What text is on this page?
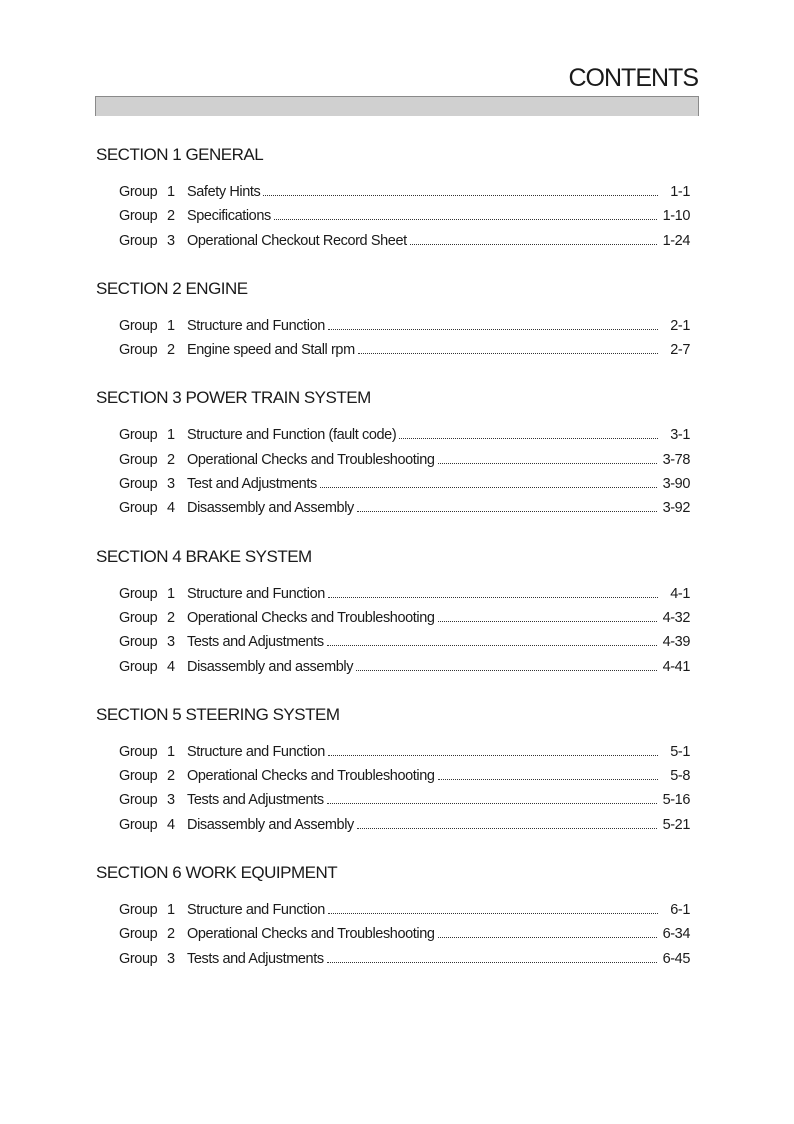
CONTENTS
SECTION 1 GENERAL
Group 1 Safety Hints	1-1
Group 2 Specifications	1-10
Group 3 Operational Checkout Record Sheet	1-24
SECTION 2 ENGINE
Group 1 Structure and Function	2-1
Group 2 Engine speed and Stall rpm	2-7
SECTION 3 POWER TRAIN SYSTEM
Group 1 Structure and Function (fault code)	3-1
Group 2 Operational Checks and Troubleshooting	3-78
Group 3 Test and Adjustments	3-90
Group 4 Disassembly and Assembly	3-92
SECTION 4 BRAKE SYSTEM
Group 1 Structure and Function	4-1
Group 2 Operational Checks and Troubleshooting	4-32
Group 3 Tests and Adjustments	4-39
Group 4 Disassembly and assembly	4-41
SECTION 5 STEERING SYSTEM
Group 1 Structure and Function	5-1
Group 2 Operational Checks and Troubleshooting	5-8
Group 3 Tests and Adjustments	5-16
Group 4 Disassembly and Assembly	5-21
SECTION 6 WORK EQUIPMENT
Group 1 Structure and Function	6-1
Group 2 Operational Checks and Troubleshooting	6-34
Group 3 Tests and Adjustments	6-45
